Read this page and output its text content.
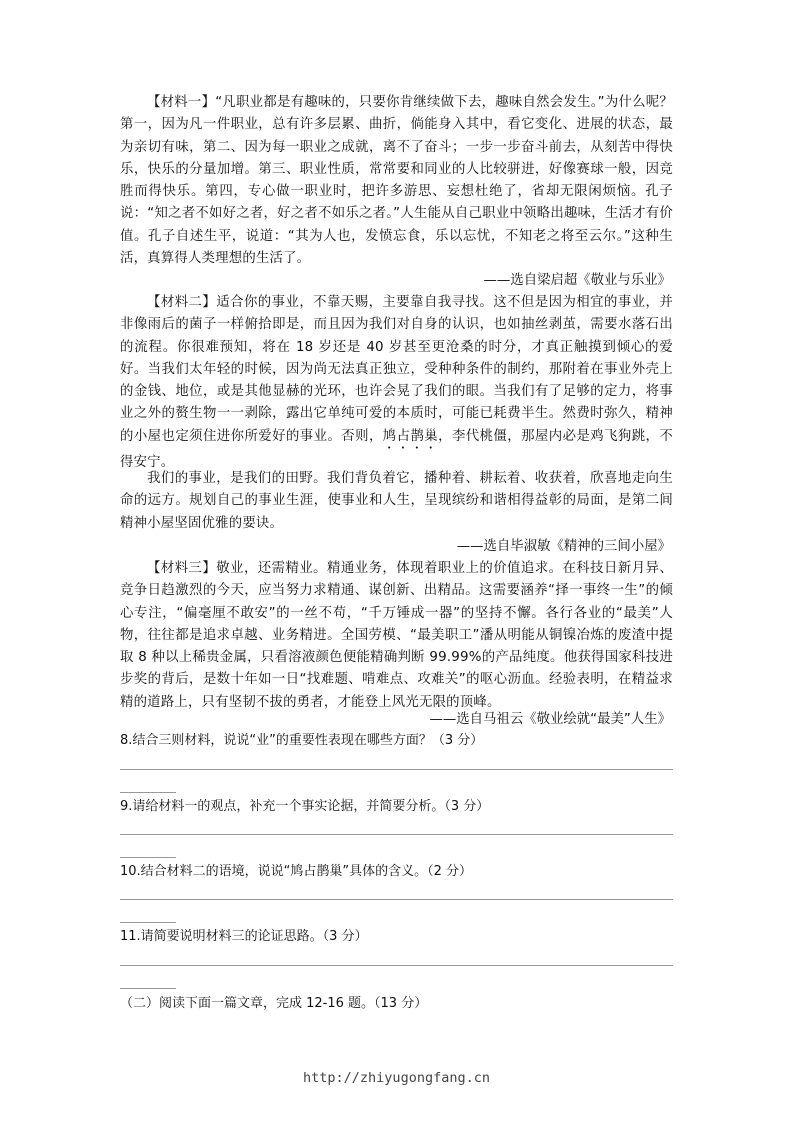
【材料一】“凡职业都是有趣味的，只要你肯继续做下去，趣味自然会发生。”为什么呢？第一，因为凡一件职业，总有许多层累、曲折，倘能身入其中，看它变化、进展的状态，最为亲切有味，第二、因为每一职业之成就，离不了奋斗；一步一步奋斗前去，从刻苦中得快乐，快乐的分量加增。第三、职业性质，常常要和同业的人比较骈进，好像赛球一般，因竞胜而得快乐。第四，专心做一职业时，把许多游思、妄想杜绝了，省却无限闲烦恼。孔子说：“知之者不如好之者，好之者不如乐之者。”人生能从自己职业中领略出趣味，生活才有价值。孔子自述生平，说道：“其为人也，发愤忘食，乐以忘忧，不知老之将至云尔。”这种生活，真算得人类理想的生活了。
——选自梁启超《敬业与乐业》
【材料二】适合你的事业，不靠天赐，主要靠自我寻找。这不但是因为相宜的事业，并非像雨后的菌子一样俯拾即是，而且因为我们对自身的认识，也如抽丝剥茧，需要水落石出的流程。你很难预知，将在 18 岁还是 40 岁甚至更沧桑的时分，才真正触摸到倾心的爱好。当我们太年轻的时候，因为尚无法真正独立，受种种条件的制约，那附着在事业外壳上的金钱、地位，或是其他显赫的光环，也许会晃了我们的眼。当我们有了足够的定力，将事业之外的赘生物一一剥除，露出它单纯可爱的本质时，可能已耗费半生。然费时弥久，精神的小屋也定须住进你所爱好的事业。否则，鸠占鹊巢，李代桃僵，那屋内必是鸡飞狗跳，不得安宁。
我们的事业，是我们的田野。我们背负着它，播种着、耕耘着、收获着，欣喜地走向生命的远方。规划自己的事业生涯，使事业和人生，呈现缤纷和谐相得益彰的局面，是第二间精神小屋坚固优雅的要诀。
——选自毕淑敏《精神的三间小屋》
【材料三】敬业，还需精业。精通业务，体现着职业上的价值追求。在科技日新月异、竞争日趋激烈的今天，应当努力求精通、谋创新、出精品。这需要涵养“择一事终一生”的倾心专注，“偏毫厘不敢安”的一丝不苟，“千万锤成一器”的坚持不懈。各行各业的“最美”人物，往往都是追求卓越、业务精进。全国劳模、“最美职工”潘从明能从铜镍冶炼的废渣中提取 8 种以上稀贵金属，只看溶液颜色便能精确判断 99.99%的产品纯度。他获得国家科技进步奖的背后，是数十年如一日“找难题、啃难点、攻难关”的呕心沥血。经验表明，在精益求精的道路上，只有坚韧不拔的勇者，才能登上风光无限的顶峰。
——选自马祖云《敬业绘就“最美”人生》
8.结合三则材料，说说“业”的重要性表现在哪些方面？（3 分）
9.请给材料一的观点，补充一个事实论据，并简要分析。（3 分）
10.结合材料二的语境，说说“鸠占鹊巢”具体的含义。（2 分）
11.请简要说明材料三的论证思路。（3 分）
（二）阅读下面一篇文章，完成 12-16 题。（13 分）
http://zhiyugongfang.cn
